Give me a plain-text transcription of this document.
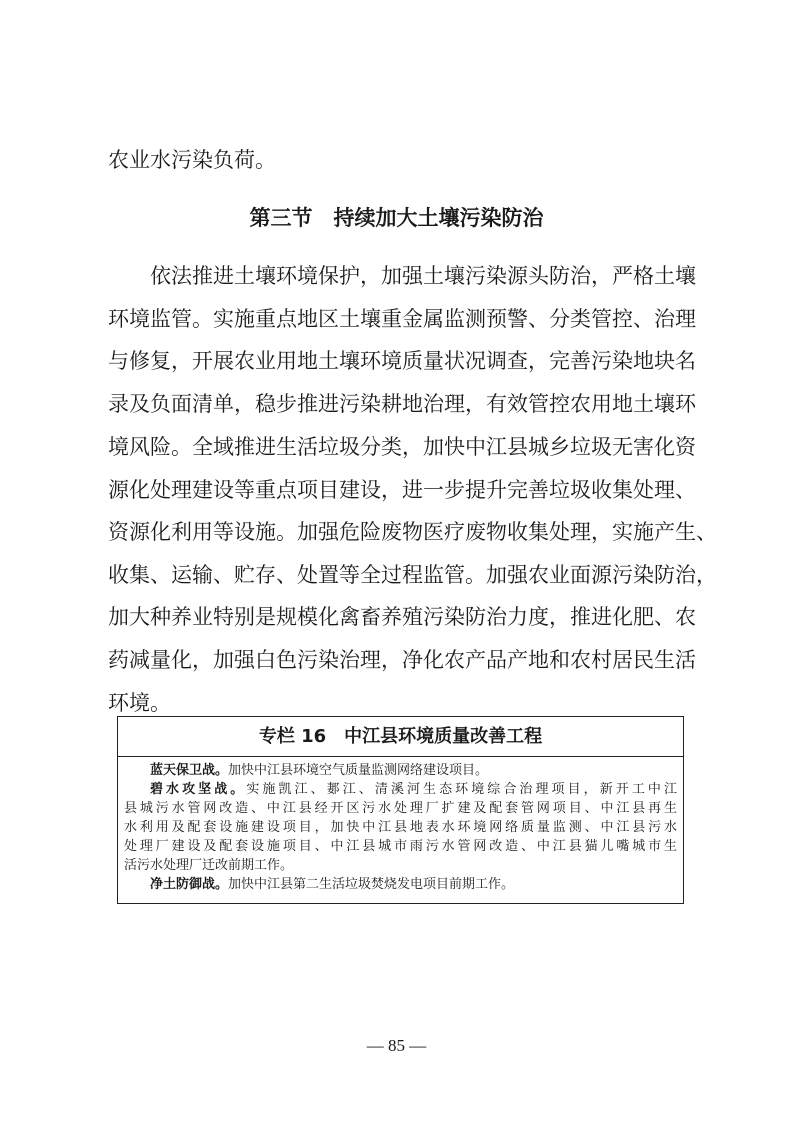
农业水污染负荷。
第三节　持续加大土壤污染防治
　　依法推进土壤环境保护，加强土壤污染源头防治，严格土壤
环境监管。实施重点地区土壤重金属监测预警、分类管控、治理
与修复，开展农业用地土壤环境质量状况调查，完善污染地块名
录及负面清单，稳步推进污染耕地治理，有效管控农用地土壤环
境风险。全域推进生活垃圾分类，加快中江县城乡垃圾无害化资
源化处理建设等重点项目建设，进一步提升完善垃圾收集处理、
资源化利用等设施。加强危险废物医疗废物收集处理，实施产生、
收集、运输、贮存、处置等全过程监管。加强农业面源污染防治，
加大种养业特别是规模化禽畜养殖污染防治力度，推进化肥、农
药减量化，加强白色污染治理，净化农产品产地和农村居民生活
环境。
专栏 16　中江县环境质量改善工程
蓝天保卫战。加快中江县环境空气质量监测网络建设项目。
碧水攻坚战。实施凯江、郪江、清溪河生态环境综合治理项目，新开工中江
县城污水管网改造、中江县经开区污水处理厂扩建及配套管网项目、中江县再生
水利用及配套设施建设项目，加快中江县地表水环境网络质量监测、中江县污水
处理厂建设及配套设施项目、中江县城市雨污水管网改造、中江县猫儿嘴城市生
活污水处理厂迁改前期工作。
净土防御战。加快中江县第二生活垃圾焚烧发电项目前期工作。
— 85 —
